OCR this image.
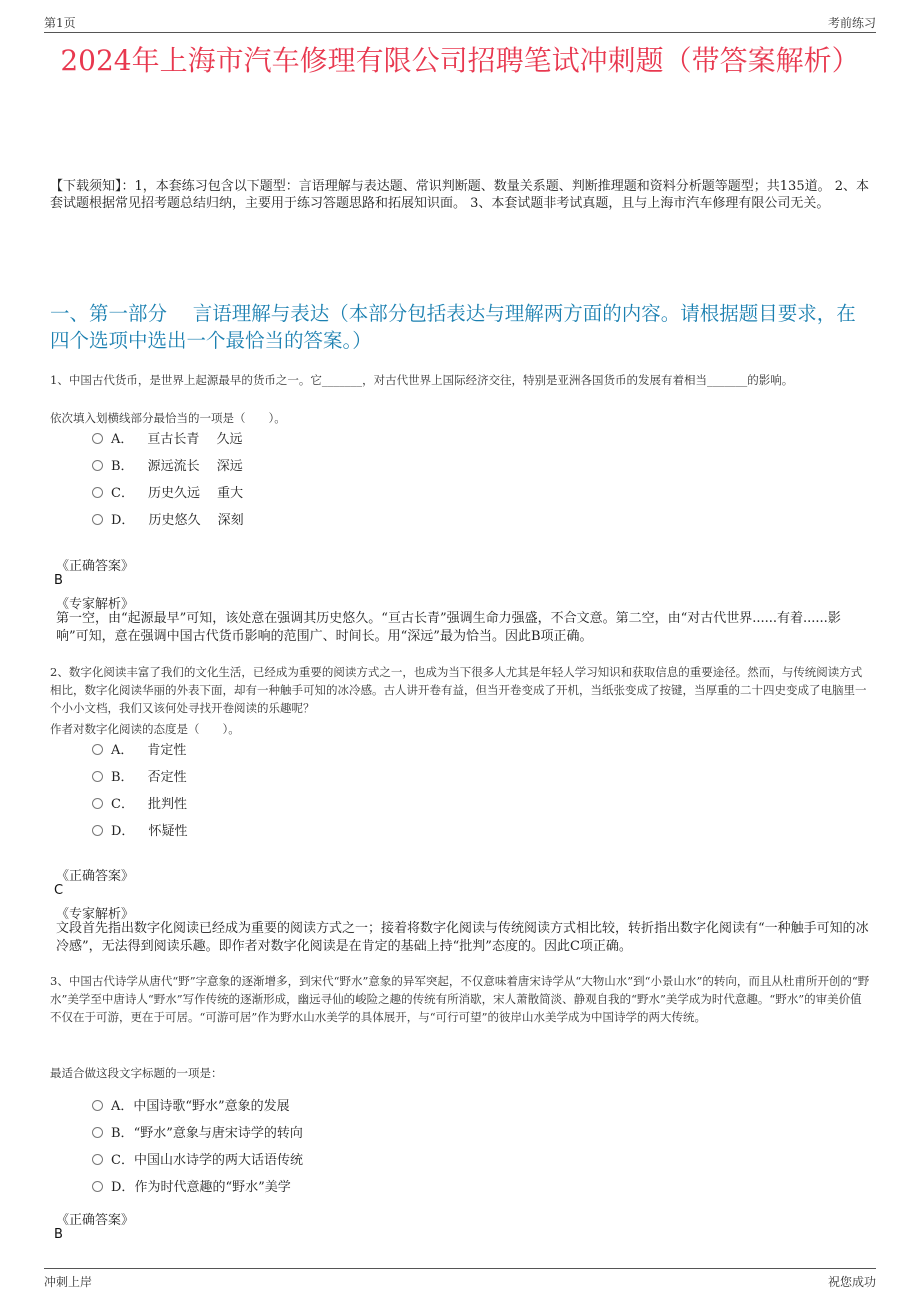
第1页	考前练习
2024年上海市汽车修理有限公司招聘笔试冲刺题（带答案解析）
【下载须知】：1，本套练习包含以下题型：言语理解与表达题、常识判断题、数量关系题、判断推理题和资料分析题等题型；共135道。 2、本套试题根据常见招考题总结归纳，主要用于练习答题思路和拓展知识面。 3、本套试题非考试真题，且与上海市汽车修理有限公司无关。
一、第一部分　 言语理解与表达（本部分包括表达与理解两方面的内容。请根据题目要求，在四个选项中选出一个最恰当的答案。）
1、中国古代货币，是世界上起源最早的货币之一。它_______，对古代世界上国际经济交往，特别是亚洲各国货币的发展有着相当_______的影响。
依次填入划横线部分最恰当的一项是（　　）。
A． 亘古长青　 久远
B． 源远流长　 深远
C． 历史久远　 重大
D． 历史悠久　 深刻
《正确答案》
B
《专家解析》
第一空，由“起源最早”可知，该处意在强调其历史悠久。“亘古长青”强调生命力强盛，不合文意。第二空，由“对古代世界......有着......影响”可知，意在强调中国古代货币影响的范围广、时间长。用“深远”最为恰当。因此B项正确。
2、数字化阅读丰富了我们的文化生活，已经成为重要的阅读方式之一，也成为当下很多人尤其是年轻人学习知识和获取信息的重要途径。然而，与传统阅读方式相比，数字化阅读华丽的外表下面，却有一种触手可知的冰冷感。古人讲开卷有益，但当开卷变成了开机，当纸张变成了按键，当厚重的二十四史变成了电脑里一个小小文档，我们又该何处寻找开卷阅读的乐趣呢？
作者对数字化阅读的态度是（　　）。
A． 肯定性
B． 否定性
C． 批判性
D． 怀疑性
《正确答案》
C
《专家解析》
文段首先指出数字化阅读已经成为重要的阅读方式之一；接着将数字化阅读与传统阅读方式相比较，转折指出数字化阅读有“一种触手可知的冰冷感”，无法得到阅读乐趣。即作者对数字化阅读是在肯定的基础上持“批判”态度的。因此C项正确。
3、中国古代诗学从唐代“野”字意象的逐渐增多，到宋代“野水”意象的异军突起，不仅意味着唐宋诗学从“大物山水”到“小景山水”的转向，而且从杜甫所开创的“野水”美学至中唐诗人“野水”写作传统的逐渐形成，幽远寻仙的峻险之趣的传统有所消歇，宋人萧散简淡、静观自我的“野水”美学成为时代意趣。“野水”的审美价值不仅在于可游，更在于可居。“可游可居”作为野水山水美学的具体展开，与“可行可望”的彼岸山水美学成为中国诗学的两大传统。
最适合做这段文字标题的一项是：
A．中国诗歌“野水”意象的发展
B．“野水”意象与唐宋诗学的转向
C．中国山水诗学的两大话语传统
D．作为时代意趣的“野水”美学
《正确答案》
B
冲刺上岸	祝您成功
